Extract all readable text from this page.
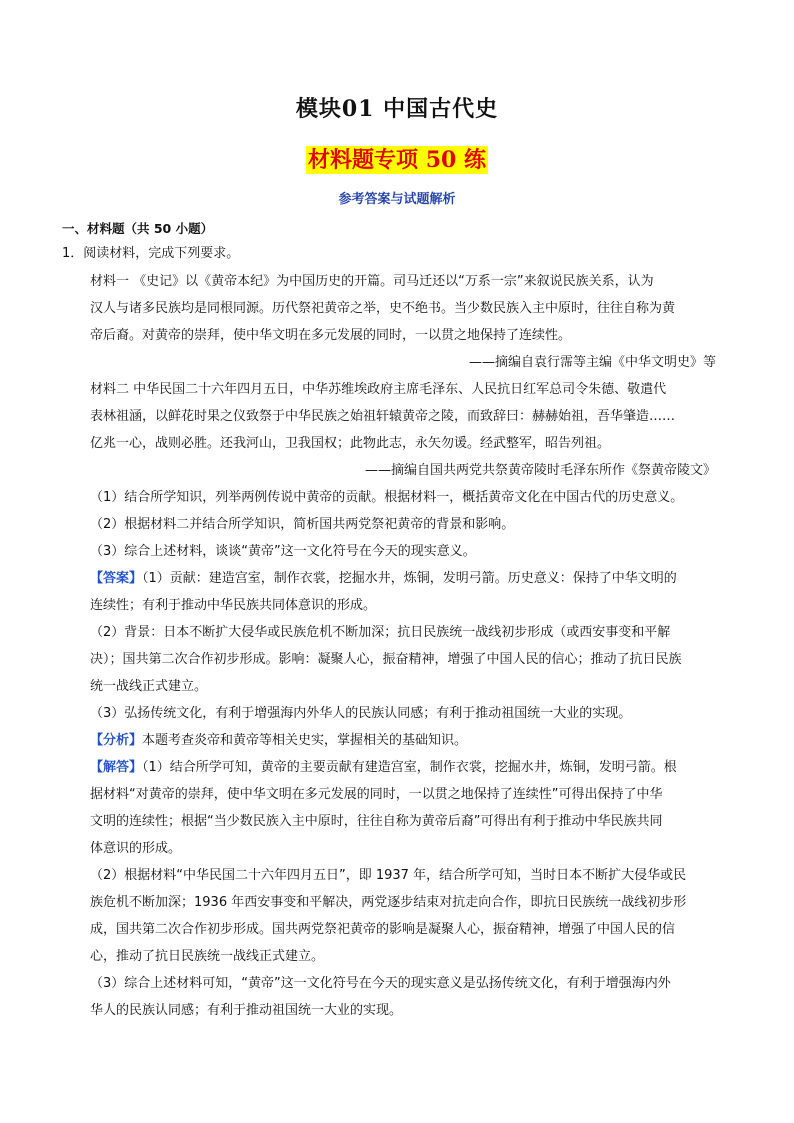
模块01 中国古代史
材料题专项 50 练
参考答案与试题解析
一、材料题（共 50 小题）
1．阅读材料，完成下列要求。
材料一 《史记》以《黄帝本纪》为中国历史的开篇。司马迁还以“万系一宗”来叙说民族关系，认为
汉人与诸多民族均是同根同源。历代祭祀黄帝之举，史不绝书。当少数民族入主中原时，往往自称为黄
帝后裔。对黄帝的崇拜，使中华文明在多元发展的同时，一以贯之地保持了连续性。
——摘编自袁行霈等主编《中华文明史》等
材料二 中华民国二十六年四月五日，中华苏维埃政府主席毛泽东、人民抗日红军总司令朱德、敬遣代
表林祖涵，以鲜花时果之仪致祭于中华民族之始祖轩辕黄帝之陵，而致辞曰：赫赫始祖，吾华肇造……
亿兆一心，战则必胜。还我河山，卫我国权；此物此志，永矢勿谖。经武整军，昭告列祖。
——摘编自国共两党共祭黄帝陵时毛泽东所作《祭黄帝陵文》
（1）结合所学知识，列举两例传说中黄帝的贡献。根据材料一，概括黄帝文化在中国古代的历史意义。
（2）根据材料二并结合所学知识，简析国共两党祭祀黄帝的背景和影响。
（3）综合上述材料，谈谈“黄帝”这一文化符号在今天的现实意义。
【答案】（1）贡献：建造宫室，制作衣裳，挖掘水井，炼铜，发明弓箭。历史意义：保持了中华文明的
连续性；有利于推动中华民族共同体意识的形成。
（2）背景：日本不断扩大侵华或民族危机不断加深；抗日民族统一战线初步形成（或西安事变和平解
决）；国共第二次合作初步形成。影响：凝聚人心，振奋精神，增强了中国人民的信心；推动了抗日民族
统一战线正式建立。
（3）弘扬传统文化，有利于增强海内外华人的民族认同感；有利于推动祖国统一大业的实现。
【分析】本题考查炎帝和黄帝等相关史实，掌握相关的基础知识。
【解答】（1）结合所学可知，黄帝的主要贡献有建造宫室，制作衣裳，挖掘水井，炼铜，发明弓箭。根
据材料“对黄帝的崇拜，使中华文明在多元发展的同时，一以贯之地保持了连续性”可得出保持了中华
文明的连续性；根据“当少数民族入主中原时，往往自称为黄帝后裔”可得出有利于推动中华民族共同
体意识的形成。
（2）根据材料“中华民国二十六年四月五日”，即 1937 年，结合所学可知，当时日本不断扩大侵华或民
族危机不断加深；1936 年西安事变和平解决，两党逐步结束对抗走向合作，即抗日民族统一战线初步形
成，国共第二次合作初步形成。国共两党祭祀黄帝的影响是凝聚人心，振奋精神，增强了中国人民的信
心，推动了抗日民族统一战线正式建立。
（3）综合上述材料可知，“黄帝”这一文化符号在今天的现实意义是弘扬传统文化，有利于增强海内外
华人的民族认同感；有利于推动祖国统一大业的实现。
